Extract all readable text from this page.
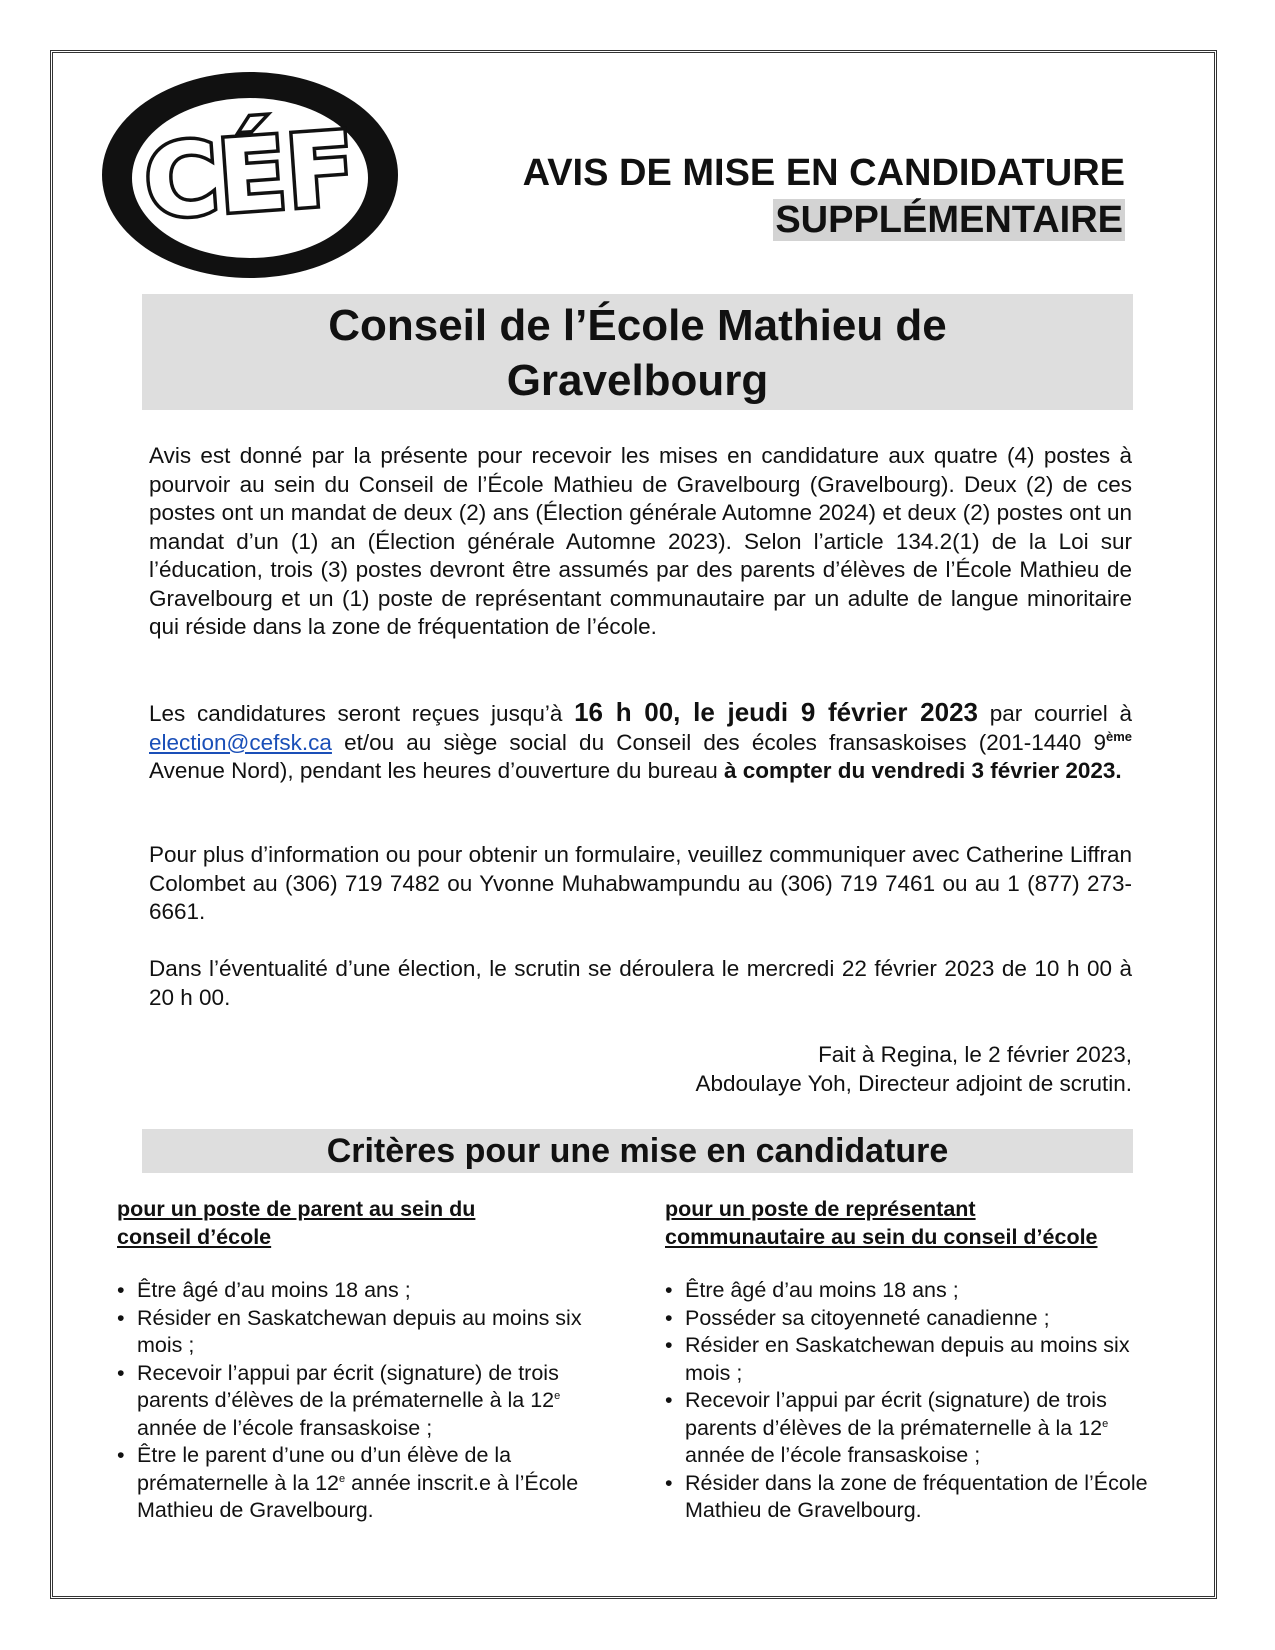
CÉF	AVIS DE MISE EN CANDIDATURE
SUPPLÉMENTAIRE
Conseil de l’École Mathieu de
Gravelbourg
Avis est donné par la présente pour recevoir les mises en candidature aux quatre (4) postes à pourvoir au sein du Conseil de l’École Mathieu de Gravelbourg (Gravelbourg). Deux (2) de ces postes ont un mandat de deux (2) ans (Élection générale Automne 2024) et deux (2) postes ont un mandat d’un (1) an (Élection générale Automne 2023). Selon l’article 134.2(1) de la Loi sur l’éducation, trois (3) postes devront être assumés par des parents d’élèves de l’École Mathieu de Gravelbourg et un (1) poste de représentant communautaire par un adulte de langue minoritaire qui réside dans la zone de fréquentation de l’école.
Les candidatures seront reçues jusqu’à 16 h 00, le jeudi 9 février 2023 par courriel à election@cefsk.ca et/ou au siège social du Conseil des écoles fransaskoises (201-1440 9ème Avenue Nord), pendant les heures d’ouverture du bureau à compter du vendredi 3 février 2023.
Pour plus d’information ou pour obtenir un formulaire, veuillez communiquer avec Catherine Liffran Colombet au (306) 719 7482 ou Yvonne Muhabwampundu au (306) 719 7461 ou au 1 (877) 273-6661.
Dans l’éventualité d’une élection, le scrutin se déroulera le mercredi 22 février 2023 de 10 h 00 à 20 h 00.
Fait à Regina, le 2 février 2023,
Abdoulaye Yoh, Directeur adjoint de scrutin.
Critères pour une mise en candidature
pour un poste de parent au sein du
conseil d’école
• Être âgé d’au moins 18 ans ;
• Résider en Saskatchewan depuis au moins six mois ;
• Recevoir l’appui par écrit (signature) de trois parents d’élèves de la prématernelle à la 12e année de l’école fransaskoise ;
• Être le parent d’une ou d’un élève de la prématernelle à la 12e année inscrit.e à l’École Mathieu de Gravelbourg.
pour un poste de représentant
communautaire au sein du conseil d’école
• Être âgé d’au moins 18 ans ;
• Posséder sa citoyenneté canadienne ;
• Résider en Saskatchewan depuis au moins six mois ;
• Recevoir l’appui par écrit (signature) de trois parents d’élèves de la prématernelle à la 12e année de l’école fransaskoise ;
• Résider dans la zone de fréquentation de l’École Mathieu de Gravelbourg.
